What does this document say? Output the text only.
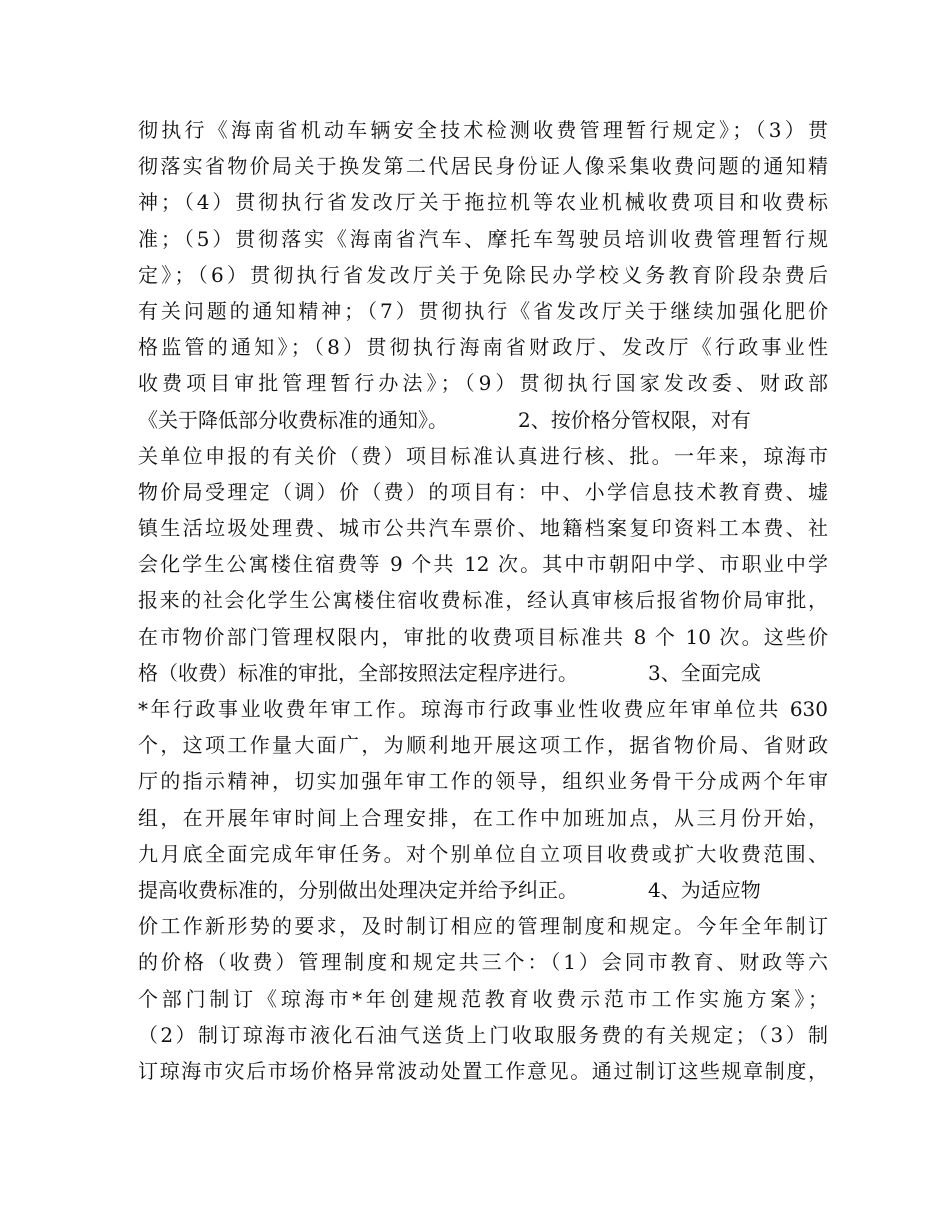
彻执行《海南省机动车辆安全技术检测收费管理暂行规定》；（3）贯
彻落实省物价局关于换发第二代居民身份证人像采集收费问题的通知精
神；（4）贯彻执行省发改厅关于拖拉机等农业机械收费项目和收费标
准；（5）贯彻落实《海南省汽车、摩托车驾驶员培训收费管理暂行规
定》；（6）贯彻执行省发改厅关于免除民办学校义务教育阶段杂费后
有关问题的通知精神；（7）贯彻执行《省发改厅关于继续加强化肥价
格监管的通知》；（8）贯彻执行海南省财政厅、发改厅《行政事业性
收费项目审批管理暂行办法》；（9）贯彻执行国家发改委、财政部
《关于降低部分收费标准的通知》。	2、按价格分管权限，对有
关单位申报的有关价（费）项目标准认真进行核、批。一年来，琼海市
物价局受理定（调）价（费）的项目有：中、小学信息技术教育费、墟
镇生活垃圾处理费、城市公共汽车票价、地籍档案复印资料工本费、社
会化学生公寓楼住宿费等 9 个共 12 次。其中市朝阳中学、市职业中学
报来的社会化学生公寓楼住宿收费标准，经认真审核后报省物价局审批，
在市物价部门管理权限内，审批的收费项目标准共 8 个 10 次。这些价
格（收费）标准的审批，全部按照法定程序进行。	3、全面完成
*年行政事业收费年审工作。琼海市行政事业性收费应年审单位共 630
个，这项工作量大面广，为顺利地开展这项工作，据省物价局、省财政
厅的指示精神，切实加强年审工作的领导，组织业务骨干分成两个年审
组，在开展年审时间上合理安排，在工作中加班加点，从三月份开始，
九月底全面完成年审任务。对个别单位自立项目收费或扩大收费范围、
提高收费标准的，分别做出处理决定并给予纠正。	4、为适应物
价工作新形势的要求，及时制订相应的管理制度和规定。今年全年制订
的价格（收费）管理制度和规定共三个：（1）会同市教育、财政等六
个部门制订《琼海市*年创建规范教育收费示范市工作实施方案》；
（2）制订琼海市液化石油气送货上门收取服务费的有关规定；（3）制
订琼海市灾后市场价格异常波动处置工作意见。通过制订这些规章制度，
